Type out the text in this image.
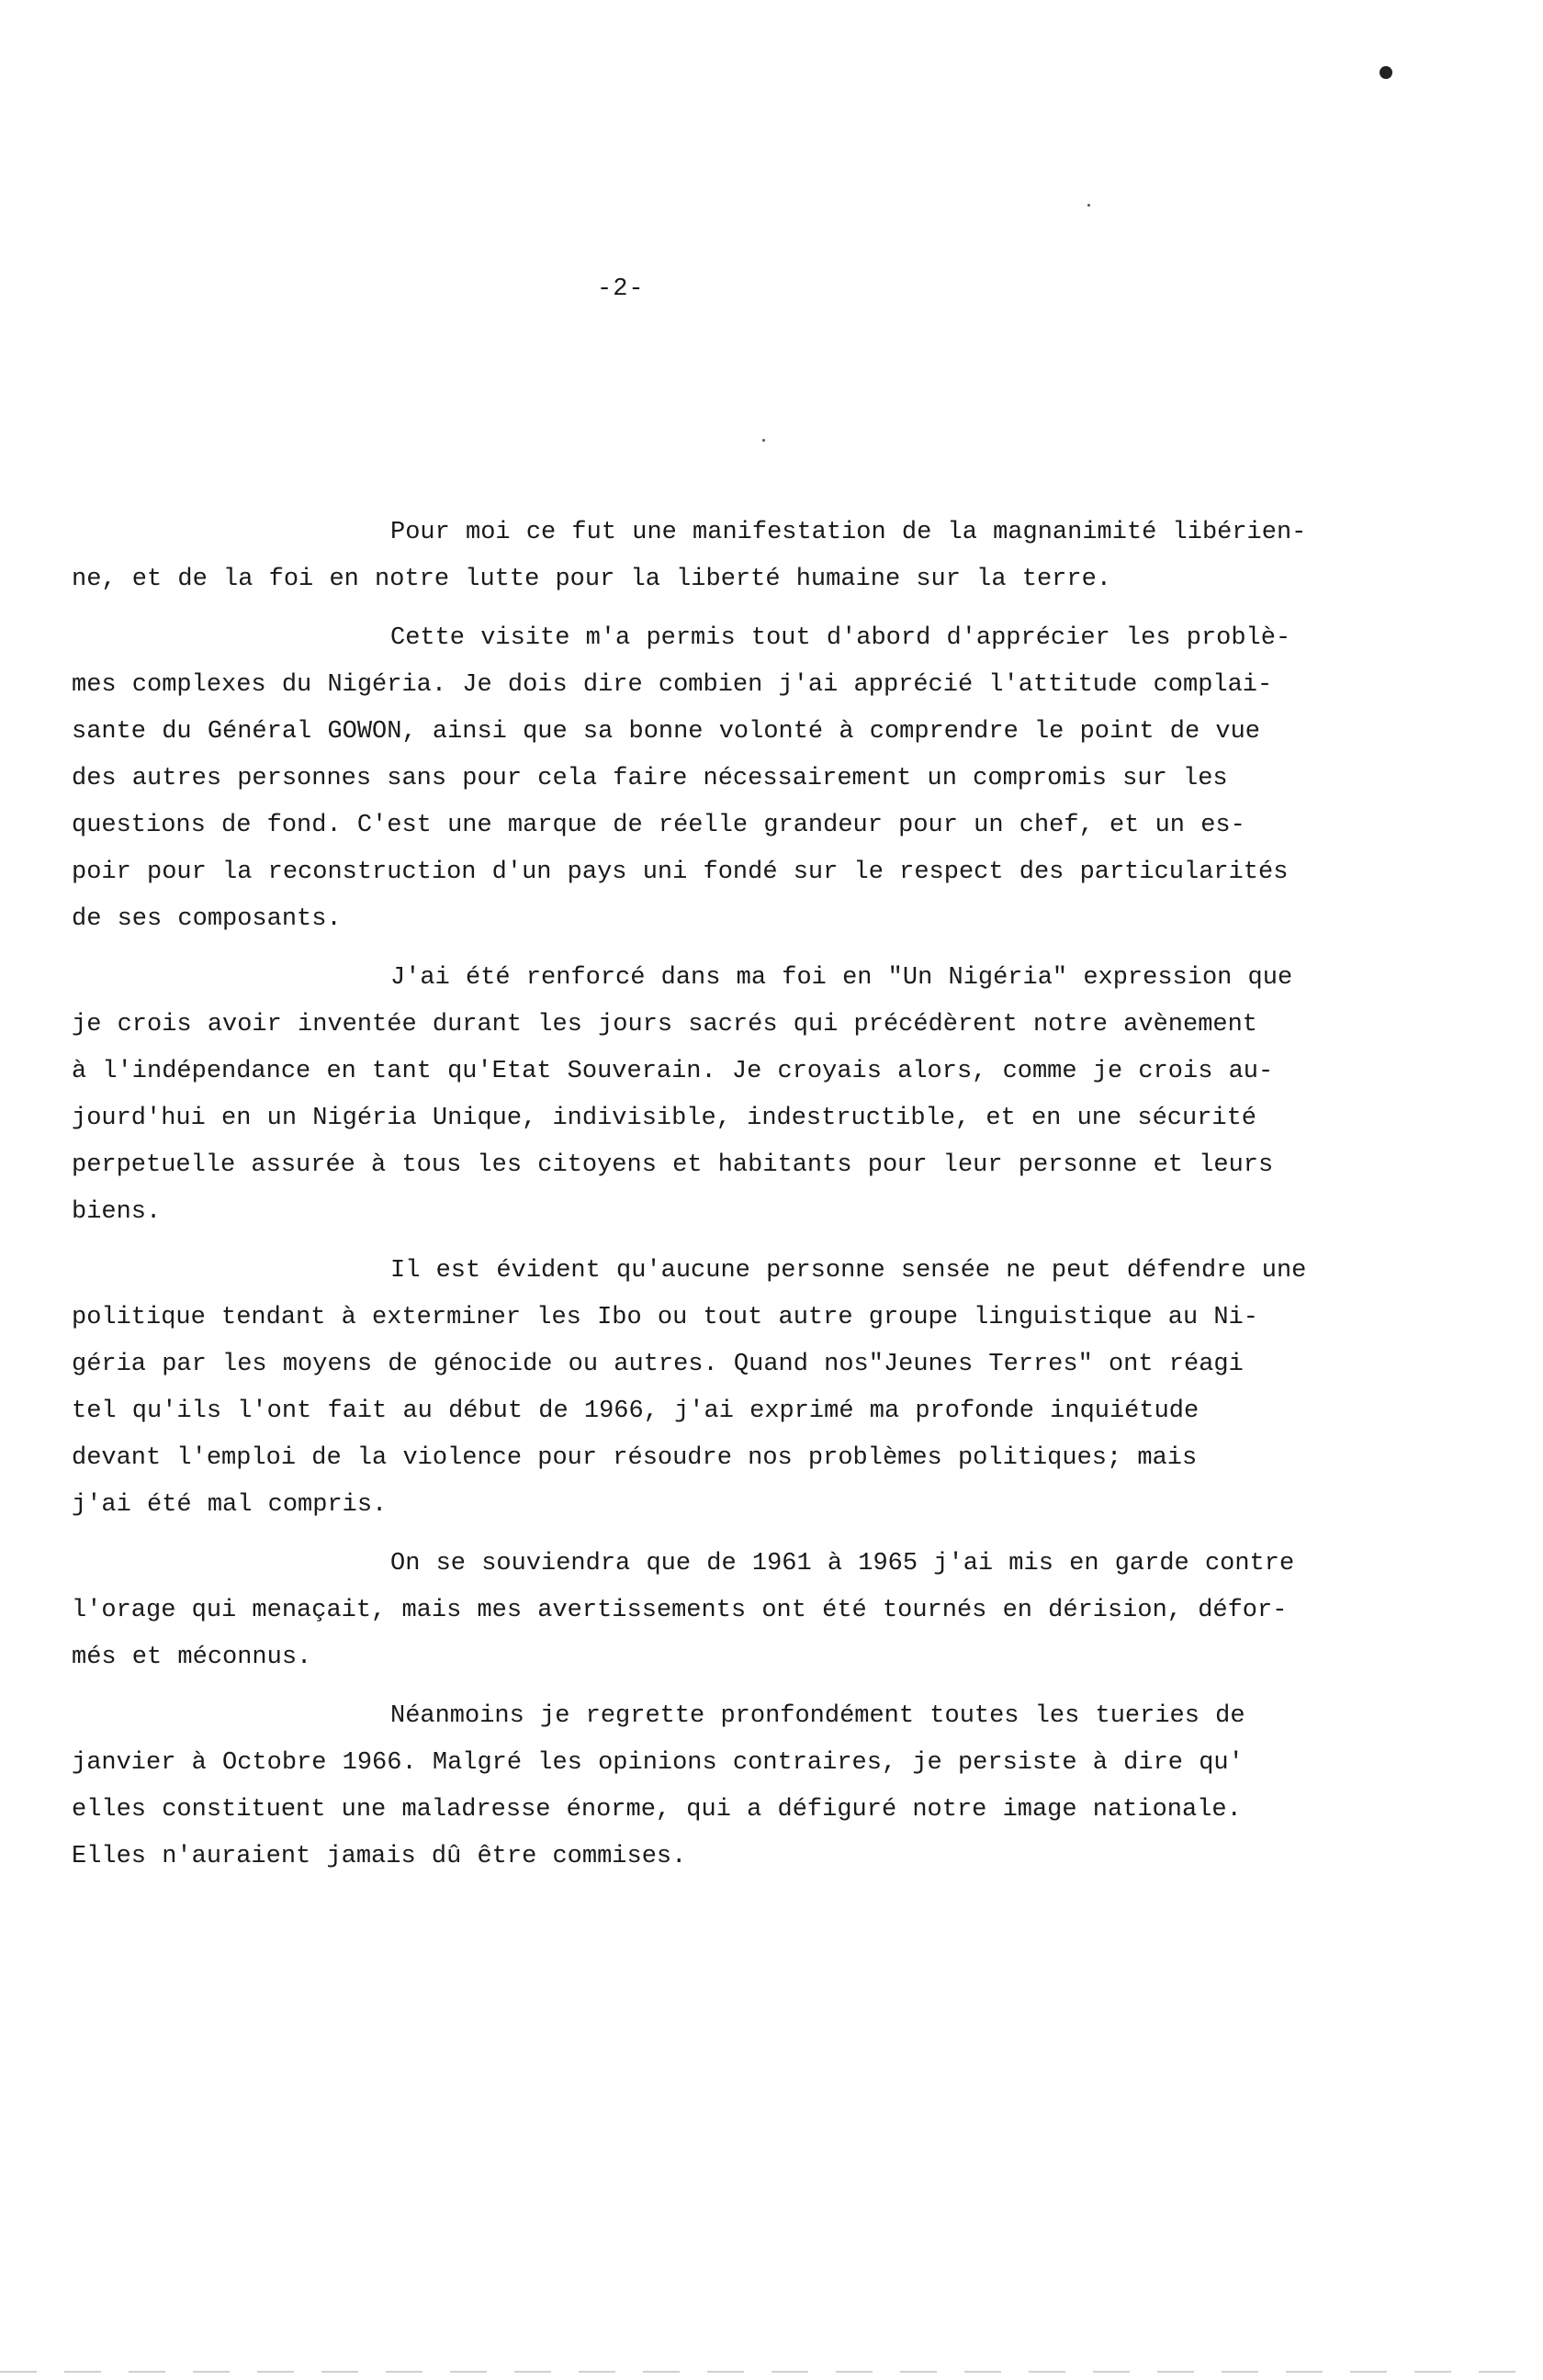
-2-
Pour moi ce fut une manifestation de la magnanimité libérien-
ne, et de la foi en notre lutte pour la liberté humaine sur la terre.
Cette visite m'a permis tout d'abord d'apprécier les problè-
mes complexes du Nigéria. Je dois dire combien j'ai apprécié l'attitude complai-
sante du Général GOWON, ainsi que sa bonne volonté à comprendre le point de vue
des autres personnes sans pour cela faire nécessairement un compromis sur les
questions de fond. C'est une marque de réelle grandeur pour un chef, et un es-
poir pour la reconstruction d'un pays uni fondé sur le respect des particularités
de ses composants.
J'ai été renforcé dans ma foi en "Un Nigéria" expression que
je crois avoir inventée durant les jours sacrés qui précédèrent notre avènement
à l'indépendance en tant qu'Etat Souverain. Je croyais alors, comme je crois au-
jourd'hui en un Nigéria Unique, indivisible, indestructible, et en une sécurité
perpetuelle assurée à tous les citoyens et habitants pour leur personne et leurs
biens.
Il est évident qu'aucune personne sensée ne peut défendre une
politique tendant à exterminer les Ibo ou tout autre groupe linguistique au Ni-
géria par les moyens de génocide ou autres. Quand nos"Jeunes Terres" ont réagi
tel qu'ils l'ont fait au début de 1966, j'ai exprimé ma profonde inquiétude
devant l'emploi de la violence pour résoudre nos problèmes politiques; mais
j'ai été mal compris.
On se souviendra que de 1961 à 1965 j'ai mis en garde contre
l'orage qui menaçait, mais mes avertissements ont été tournés en dérision, défor-
més et méconnus.
Néanmoins je regrette pronfondément toutes les tueries de
janvier à Octobre 1966. Malgré les opinions contraires, je persiste à dire qu'
elles constituent une maladresse énorme, qui a défiguré notre image nationale.
Elles n'auraient jamais dû être commises.
